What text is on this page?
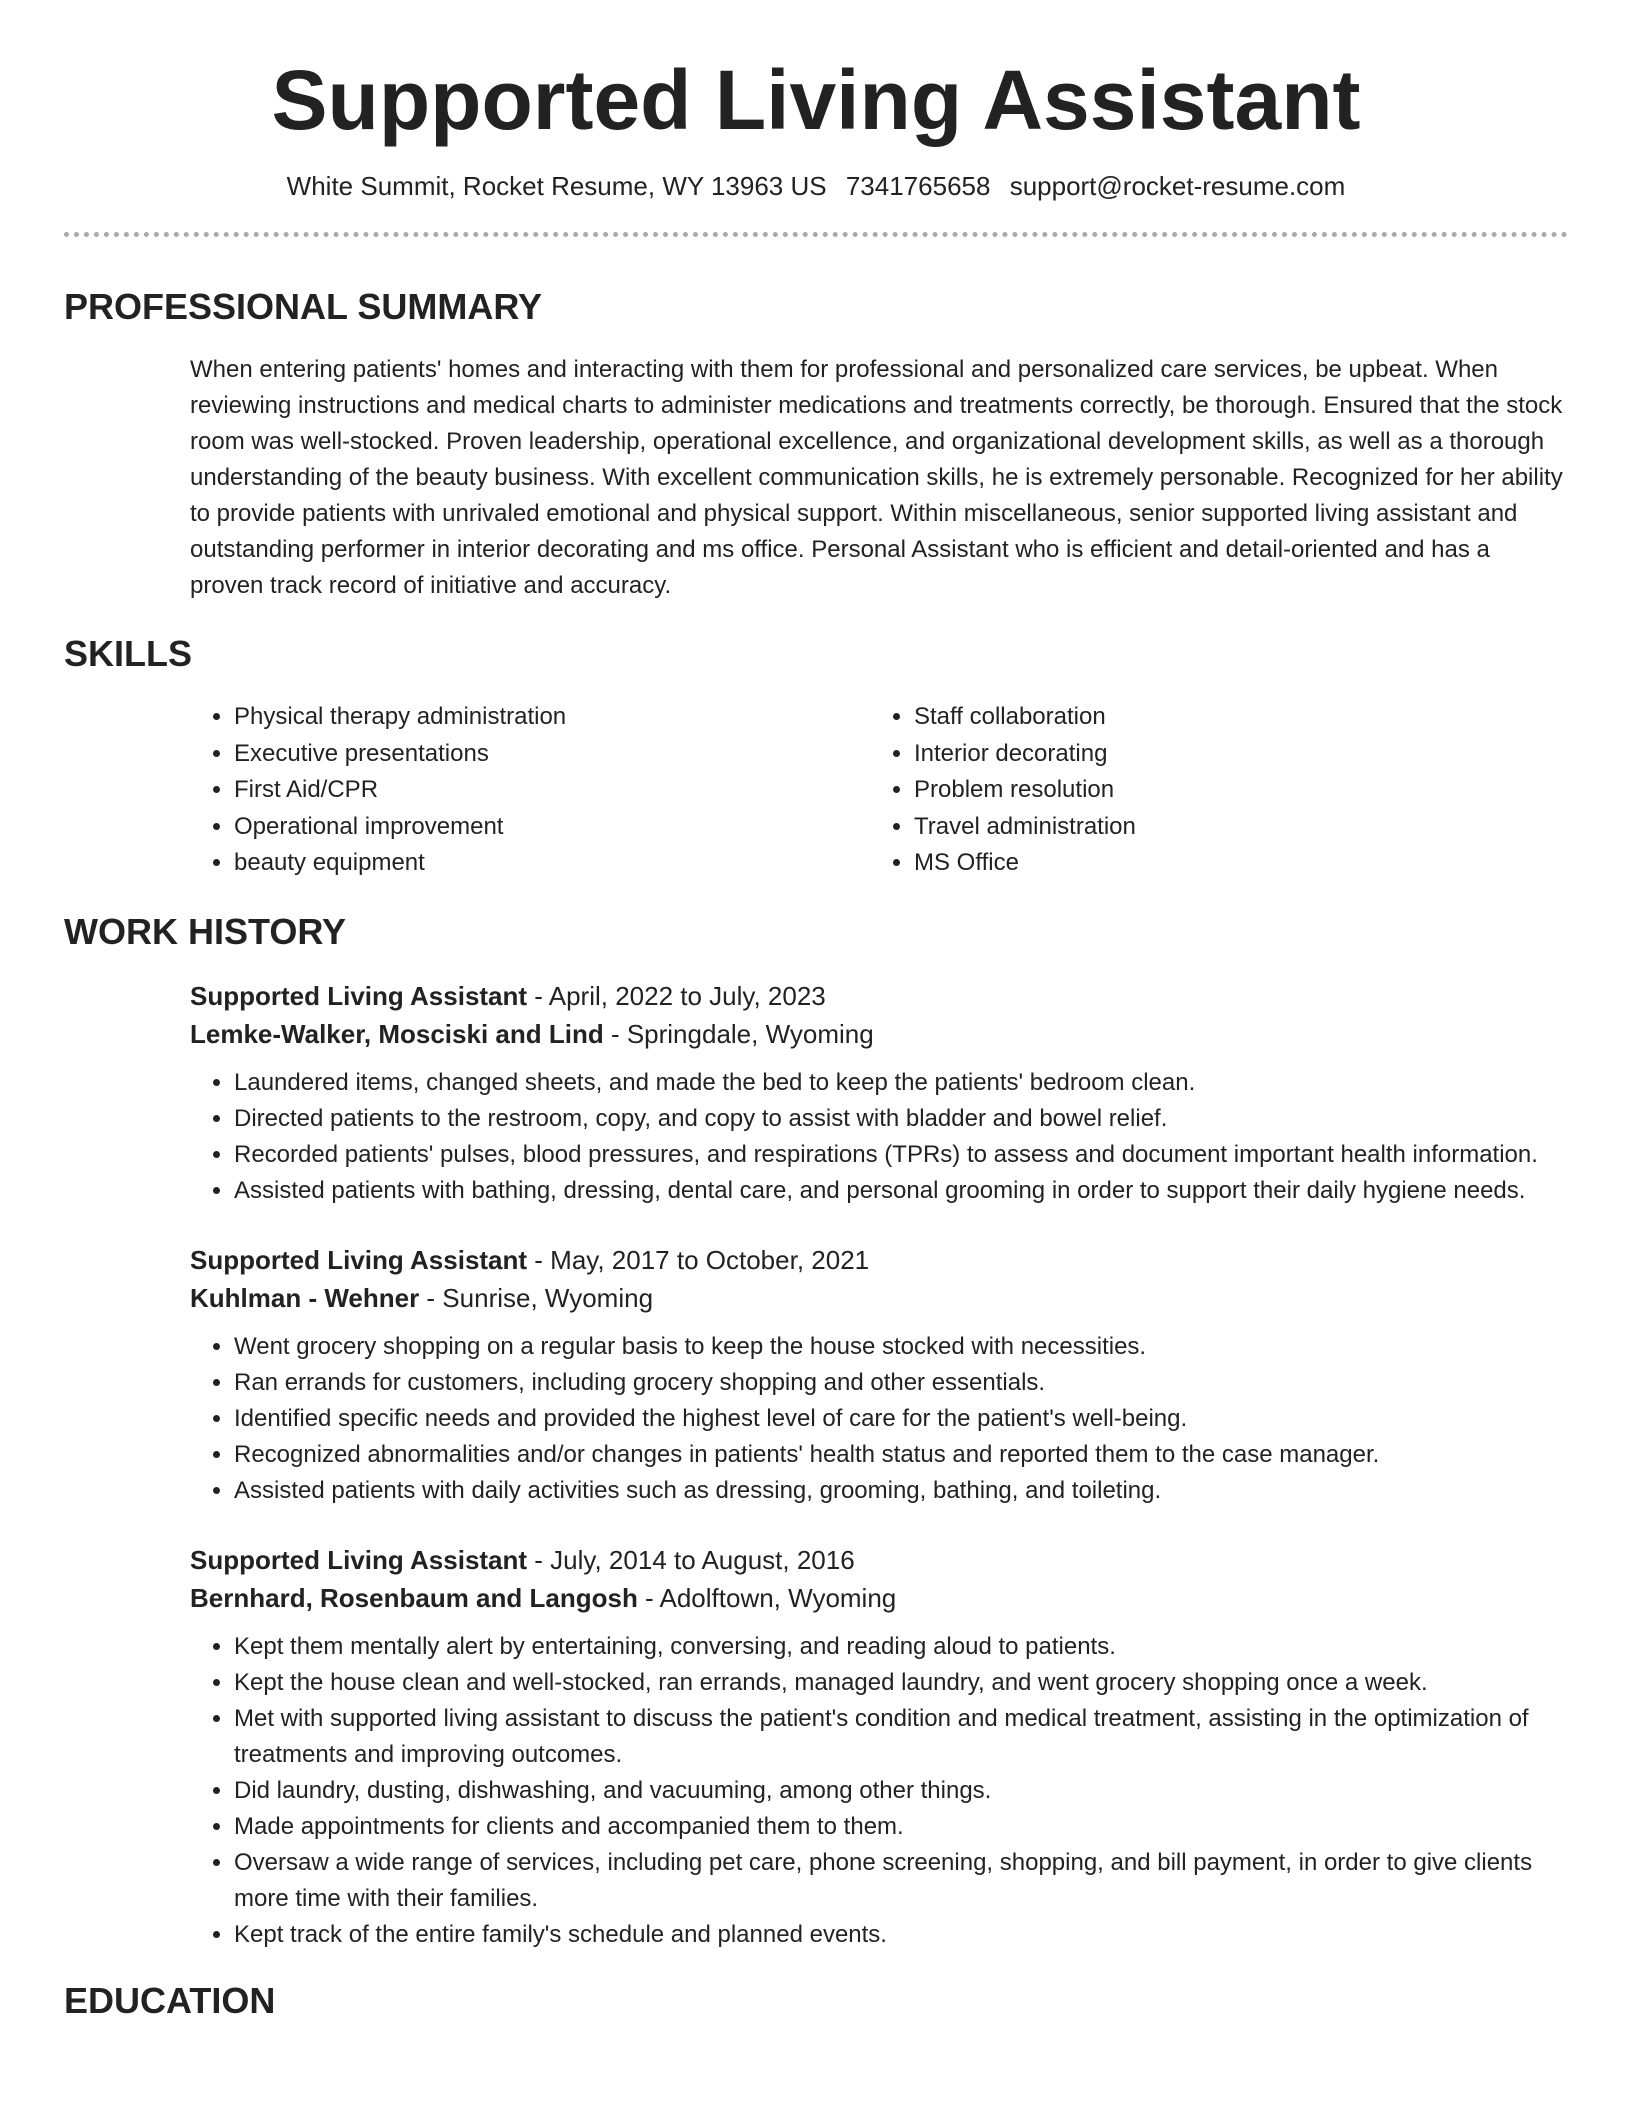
Supported Living Assistant
White Summit, Rocket Resume, WY 13963 US 7341765658 support@rocket-resume.com
PROFESSIONAL SUMMARY

When entering patients' homes and interacting with them for professional and personalized care services, be upbeat. When reviewing instructions and medical charts to administer medications and treatments correctly, be thorough. Ensured that the stock room was well-stocked. Proven leadership, operational excellence, and organizational development skills, as well as a thorough understanding of the beauty business. With excellent communication skills, he is extremely personable. Recognized for her ability to provide patients with unrivaled emotional and physical support. Within miscellaneous, senior supported living assistant and outstanding performer in interior decorating and ms office. Personal Assistant who is efficient and detail-oriented and has a proven track record of initiative and accuracy.

SKILLS
• Physical therapy administration
• Executive presentations
• First Aid/CPR
• Operational improvement
• beauty equipment
• Staff collaboration
• Interior decorating
• Problem resolution
• Travel administration
• MS Office
WORK HISTORY
Supported Living Assistant - April, 2022 to July, 2023
Lemke-Walker, Mosciski and Lind - Springdale, Wyoming
• Laundered items, changed sheets, and made the bed to keep the patients' bedroom clean.
• Directed patients to the restroom, copy, and copy to assist with bladder and bowel relief.
• Recorded patients' pulses, blood pressures, and respirations (TPRs) to assess and document important health information.
• Assisted patients with bathing, dressing, dental care, and personal grooming in order to support their daily hygiene needs.
Supported Living Assistant - May, 2017 to October, 2021
Kuhlman - Wehner - Sunrise, Wyoming
• Went grocery shopping on a regular basis to keep the house stocked with necessities.
• Ran errands for customers, including grocery shopping and other essentials.
• Identified specific needs and provided the highest level of care for the patient's well-being.
• Recognized abnormalities and/or changes in patients' health status and reported them to the case manager.
• Assisted patients with daily activities such as dressing, grooming, bathing, and toileting.
Supported Living Assistant - July, 2014 to August, 2016
Bernhard, Rosenbaum and Langosh - Adolftown, Wyoming
• Kept them mentally alert by entertaining, conversing, and reading aloud to patients.
• Kept the house clean and well-stocked, ran errands, managed laundry, and went grocery shopping once a week.
• Met with supported living assistant to discuss the patient's condition and medical treatment, assisting in the optimization of treatments and improving outcomes.
• Did laundry, dusting, dishwashing, and vacuuming, among other things.
• Made appointments for clients and accompanied them to them.
• Oversaw a wide range of services, including pet care, phone screening, shopping, and bill payment, in order to give clients more time with their families.
• Kept track of the entire family's schedule and planned events.
EDUCATION
